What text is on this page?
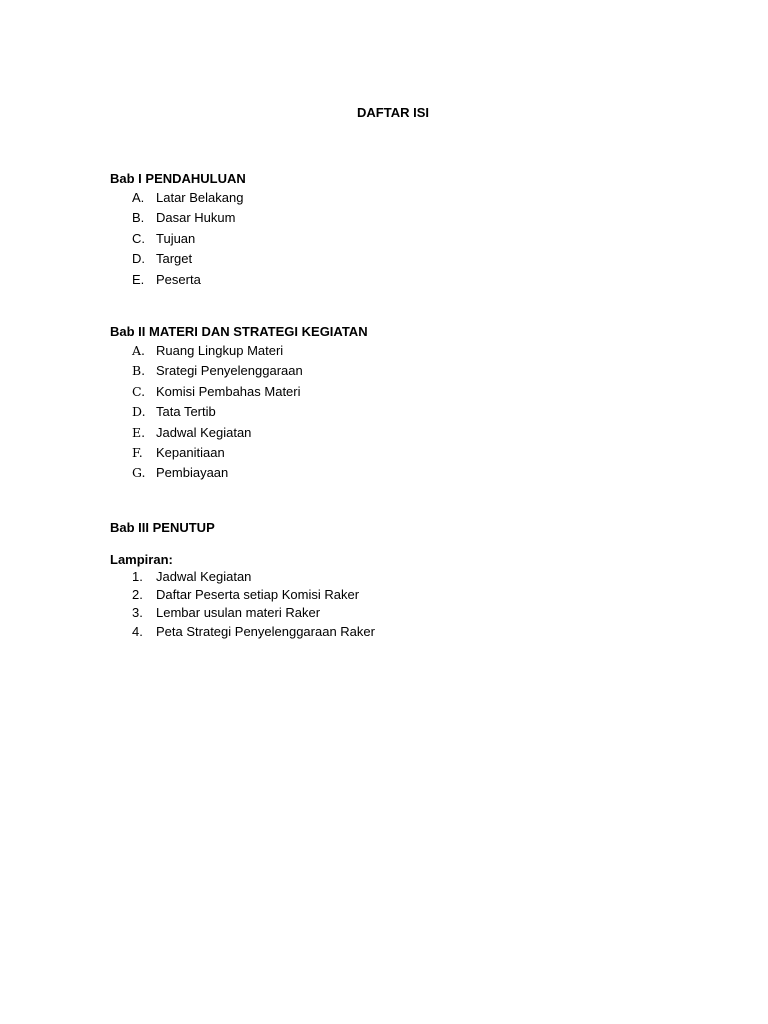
DAFTAR ISI
Bab I PENDAHULUAN
A. Latar Belakang
B. Dasar Hukum
C. Tujuan
D. Target
E. Peserta
Bab II MATERI DAN STRATEGI KEGIATAN
A. Ruang Lingkup Materi
B. Srategi Penyelenggaraan
C. Komisi Pembahas Materi
D. Tata Tertib
E. Jadwal Kegiatan
F. Kepanitiaan
G. Pembiayaan
Bab III PENUTUP
Lampiran:
1. Jadwal Kegiatan
2. Daftar Peserta setiap Komisi Raker
3. Lembar usulan materi Raker
4. Peta Strategi Penyelenggaraan Raker
